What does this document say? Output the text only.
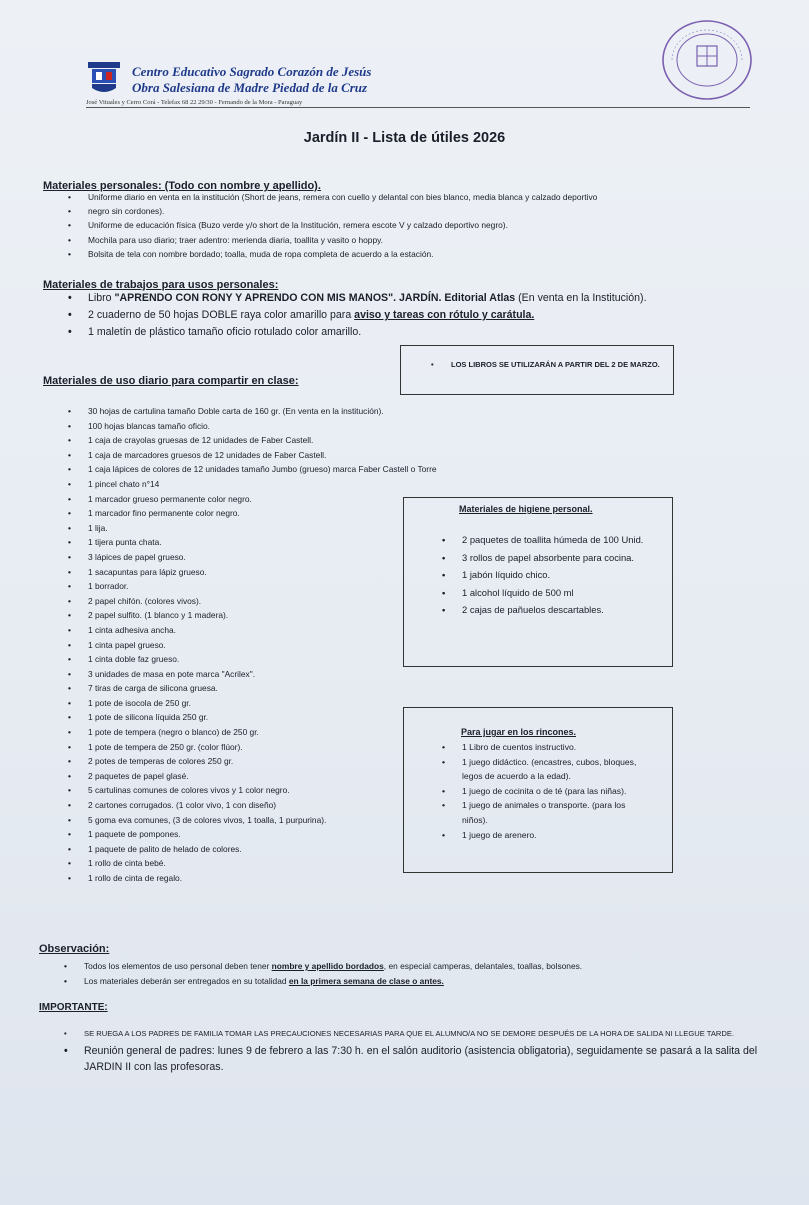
Centro Educativo Sagrado Corazón de Jesús
Obra Salesiana de Madre Piedad de la Cruz
José Vituales y Cerro Corá - Telefax 68 22 29/30 - Fernando de la Mora - Paraguay
Jardín II - Lista de útiles 2026
Materiales personales: (Todo con nombre y apellido).
• Uniforme diario en venta en la institución (Short de jeans, remera con cuello y delantal con bies blanco, media blanca y calzado deportivo
• negro sin cordones).
• Uniforme de educación física (Buzo verde y/o short de la Institución, remera escote V y calzado deportivo negro).
• Mochila para uso diario; traer adentro: merienda diaria, toallita y vasito o hoppy.
• Bolsita de tela con nombre bordado; toalla, muda de ropa completa de acuerdo a la estación.
Materiales de trabajos para usos personales:
• Libro "APRENDO CON RONY Y APRENDO CON MIS MANOS". JARDÍN. Editorial Atlas (En venta en la Institución).
• 2 cuaderno de 50 hojas DOBLE raya color amarillo para aviso y tareas con rótulo y carátula.
• 1 maletín de plástico tamaño oficio rotulado color amarillo.
• LOS LIBROS SE UTILIZARÁN A PARTIR DEL 2 DE MARZO.
Materiales de uso diario para compartir en clase:
• 30 hojas de cartulina tamaño Doble carta de 160 gr. (En venta en la institución).
• 100 hojas blancas tamaño oficio.
• 1 caja de crayolas gruesas de 12 unidades de Faber Castell.
• 1 caja de marcadores gruesos de 12 unidades de Faber Castell.
• 1 caja lápices de colores de 12 unidades tamaño Jumbo (grueso) marca Faber Castell o Torre
• 1 pincel chato n°14
• 1 marcador grueso permanente color negro.
• 1 marcador fino permanente color negro.
• 1 lija.
• 1 tijera punta chata.
• 3 lápices de papel grueso.
• 1 sacapuntas para lápiz grueso.
• 1 borrador.
• 2 papel chifón. (colores vivos).
• 2 papel sulfito. (1 blanco y 1 madera).
• 1 cinta adhesiva ancha.
• 1 cinta papel grueso.
• 1 cinta doble faz grueso.
• 3 unidades de masa en pote marca "Acrilex".
• 7 tiras de carga de silicona gruesa.
• 1 pote de isocola de 250 gr.
• 1 pote de silicona líquida 250 gr.
• 1 pote de tempera (negro o blanco) de 250 gr.
• 1 pote de tempera de 250 gr. (color flúor).
• 2 potes de temperas de colores 250 gr.
• 2 paquetes de papel glasé.
• 5 cartulinas comunes de colores vivos y 1 color negro.
• 2 cartones corrugados. (1 color vivo, 1 con diseño)
• 5 goma eva comunes, (3 de colores vivos, 1 toalla, 1 purpurina).
• 1 paquete de pompones.
• 1 paquete de palito de helado de colores.
• 1 rollo de cinta bebé.
• 1 rollo de cinta de regalo.
Materiales de higiene personal.
• 2 paquetes de toallita húmeda de 100 Unid.
• 3 rollos de papel absorbente para cocina.
• 1 jabón líquido chico.
• 1 alcohol líquido de 500 ml
• 2 cajas de pañuelos descartables.
Para jugar en los rincones.
• 1 Libro de cuentos instructivo.
• 1 juego didáctico. (encastres, cubos, bloques, legos de acuerdo a la edad).
• 1 juego de cocinita o de té (para las niñas).
• 1 juego de animales o transporte. (para los niños).
• 1 juego de arenero.
Observación:
• Todos los elementos de uso personal deben tener nombre y apellido bordados, en especial camperas, delantales, toallas, bolsones.
• Los materiales deberán ser entregados en su totalidad en la primera semana de clase o antes.
IMPORTANTE:
• SE RUEGA A LOS PADRES DE FAMILIA TOMAR LAS PRECAUCIONES NECESARIAS PARA QUE EL ALUMNO/A NO SE DEMORE DESPUÉS DE LA HORA DE SALIDA NI LLEGUE TARDE.
• Reunión general de padres: lunes 9 de febrero a las 7:30 h. en el salón auditorio (asistencia obligatoria), seguidamente se pasará a la salita del JARDIN II con las profesoras.
